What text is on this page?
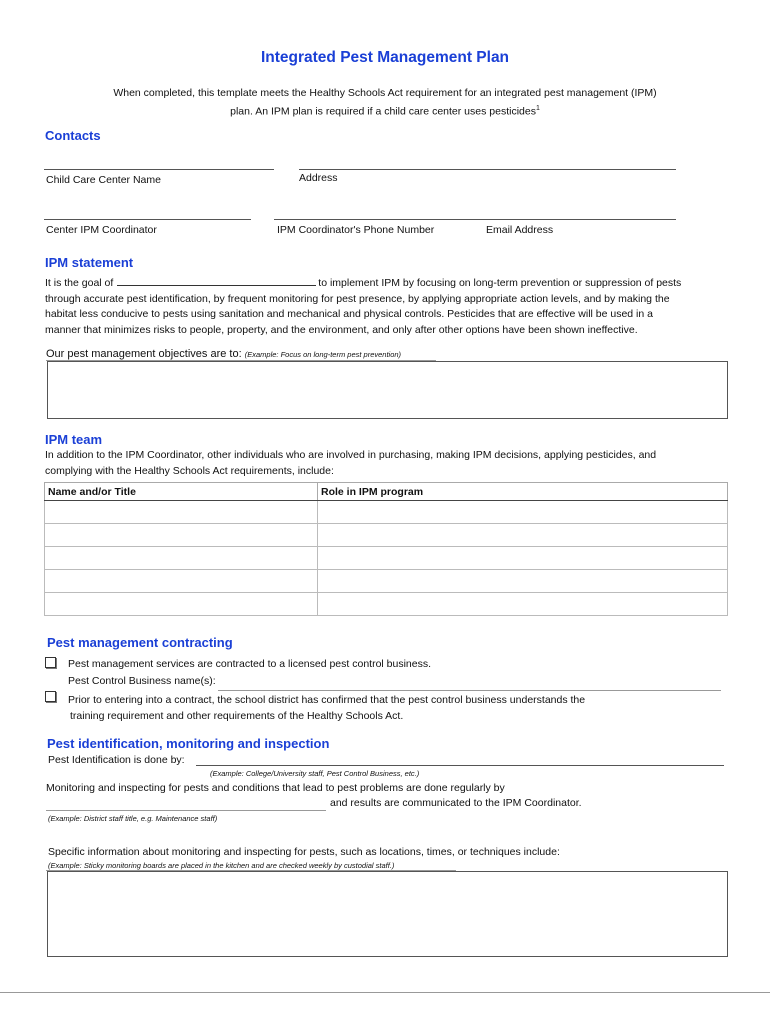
Integrated Pest Management Plan
When completed, this template meets the Healthy Schools Act requirement for an integrated pest management (IPM)
plan. An IPM plan is required if a child care center uses pesticides$^1$
Contacts
Child Care Center Name	Address
Center IPM Coordinator	IPM Coordinator's Phone Number	Email Address
IPM statement
It is the goal of	to implement IPM by focusing on long-term prevention or suppression of pests
through accurate pest identification, by frequent monitoring for pest presence, by applying appropriate action levels, and by making the
habitat less conducive to pests using sanitation and mechanical and physical controls. Pesticides that are effective will be used in a
manner that minimizes risks to people, property, and the environment, and only after other options have been shown ineffective.
Our pest management objectives are to: (Example: Focus on long-term pest prevention)
IPM team
In addition to the IPM Coordinator, other individuals who are involved in purchasing, making IPM decisions, applying pesticides, and
complying with the Healthy Schools Act requirements, include:
Name and/or Title	Role in IPM program

Pest management contracting
Pest management services are contracted to a licensed pest control business.
Pest Control Business name(s):
Prior to entering into a contract, the school district has confirmed that the pest control business understands the
training requirement and other requirements of the Healthy Schools Act.
Pest identification, monitoring and inspection
Pest Identification is done by:
(Example: College/University staff, Pest Control Business, etc.)
Monitoring and inspecting for pests and conditions that lead to pest problems are done regularly by
and results are communicated to the IPM Coordinator.
(Example: District staff title, e.g. Maintenance staff)
Specific information about monitoring and inspecting for pests, such as locations, times, or techniques include:
(Example: Sticky monitoring boards are placed in the kitchen and are checked weekly by custodial staff.)
